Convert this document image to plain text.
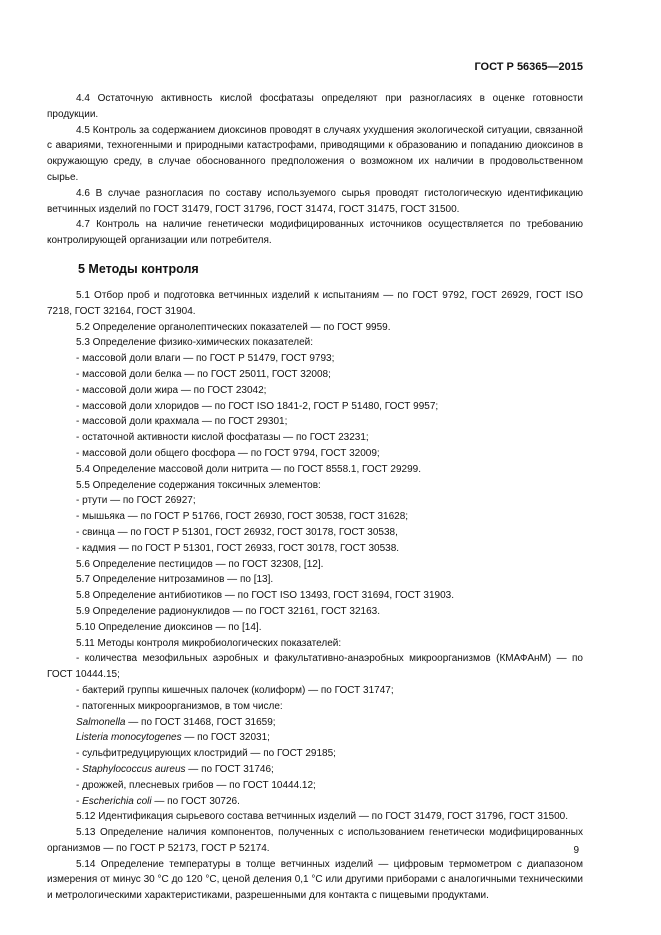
ГОСТ Р 56365—2015

4.4 Остаточную активность кислой фосфатазы определяют при разногласиях в оценке готовности продукции.

4.5 Контроль за содержанием диоксинов проводят в случаях ухудшения экологической ситуации, связанной с авариями, техногенными и природными катастрофами, приводящими к образованию и попаданию диоксинов в окружающую среду, в случае обоснованного предположения о возможном их наличии в продовольственном сырье.

4.6 В случае разногласия по составу используемого сырья проводят гистологическую идентификацию ветчинных изделий по ГОСТ 31479, ГОСТ 31796, ГОСТ 31474, ГОСТ 31475, ГОСТ 31500.

4.7 Контроль на наличие генетически модифицированных источников осуществляется по требованию контролирующей организации или потребителя.

5 Методы контроля

5.1 Отбор проб и подготовка ветчинных изделий к испытаниям — по ГОСТ 9792, ГОСТ 26929, ГОСТ ISO 7218, ГОСТ 32164, ГОСТ 31904.

5.2 Определение органолептических показателей — по ГОСТ 9959.

5.3 Определение физико-химических показателей:

- массовой доли влаги — по ГОСТ Р 51479, ГОСТ 9793;

- массовой доли белка — по ГОСТ 25011, ГОСТ 32008;

- массовой доли жира — по ГОСТ 23042;

- массовой доли хлоридов — по ГОСТ ISO 1841-2, ГОСТ Р 51480, ГОСТ 9957;

- массовой доли крахмала — по ГОСТ 29301;

- остаточной активности кислой фосфатазы — по ГОСТ 23231;

- массовой доли общего фосфора — по ГОСТ 9794, ГОСТ 32009;

5.4 Определение массовой доли нитрита — по ГОСТ 8558.1, ГОСТ 29299.

5.5 Определение содержания токсичных элементов:

- ртути — по ГОСТ 26927;

- мышьяка — по ГОСТ Р 51766, ГОСТ 26930, ГОСТ 30538, ГОСТ 31628;

- свинца — по ГОСТ Р 51301, ГОСТ 26932, ГОСТ 30178, ГОСТ 30538,

- кадмия — по ГОСТ Р 51301, ГОСТ 26933, ГОСТ 30178, ГОСТ 30538.

5.6 Определение пестицидов — по ГОСТ 32308, [12].

5.7 Определение нитрозаминов — по [13].

5.8 Определение антибиотиков — по ГОСТ ISO 13493, ГОСТ 31694, ГОСТ 31903.

5.9 Определение радионуклидов — по ГОСТ 32161, ГОСТ 32163.

5.10 Определение диоксинов — по [14].

5.11 Методы контроля микробиологических показателей:

- количества мезофильных аэробных и факультативно-анаэробных микроорганизмов (КМАФАнМ) — по ГОСТ 10444.15;

- бактерий группы кишечных палочек (колиформ) — по ГОСТ 31747;

- патогенных микроорганизмов, в том числе:

Salmonella — по ГОСТ 31468, ГОСТ 31659;

Listeria monocytogenes — по ГОСТ 32031;

- сульфитредуцирующих клостридий — по ГОСТ 29185;

- Staphylococcus aureus — по ГОСТ 31746;

- дрожжей, плесневых грибов — по ГОСТ 10444.12;

- Escherichia coli — по ГОСТ 30726.

5.12 Идентификация сырьевого состава ветчинных изделий — по ГОСТ 31479, ГОСТ 31796, ГОСТ 31500.

5.13 Определение наличия компонентов, полученных с использованием генетически модифицированных организмов — по ГОСТ Р 52173, ГОСТ Р 52174.

5.14 Определение температуры в толще ветчинных изделий — цифровым термометром с диапазоном измерения от минус 30 °С до 120 °С, ценой деления 0,1 °С или другими приборами с аналогичными техническими и метрологическими характеристиками, разрешенными для контакта с пищевыми продуктами.

9
